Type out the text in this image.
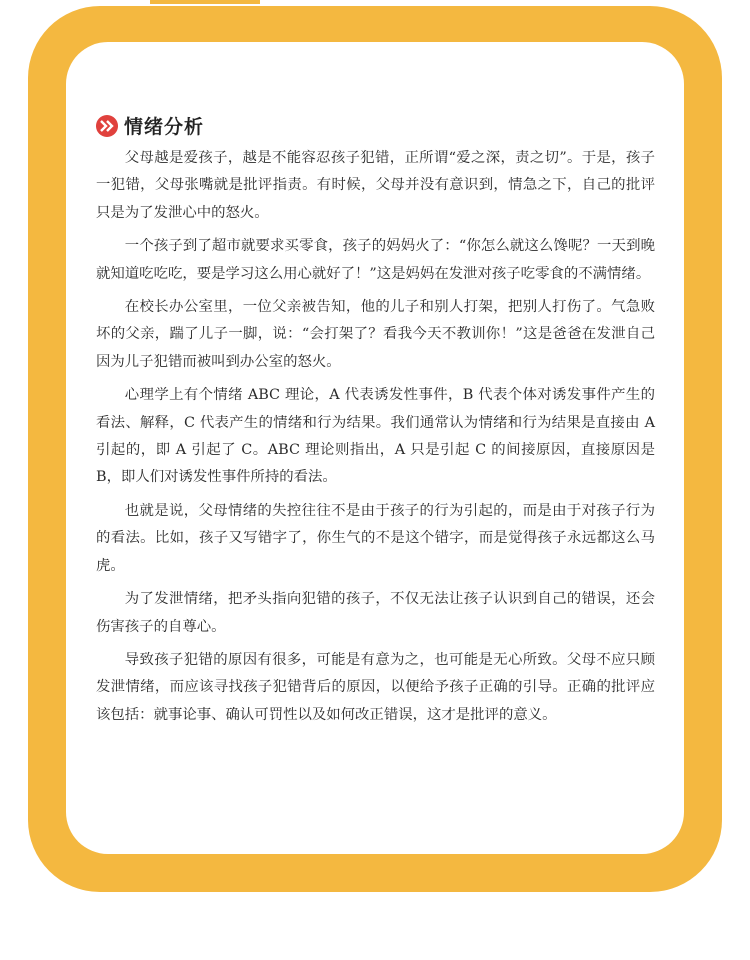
情绪分析

父母越是爱孩子，越是不能容忍孩子犯错，正所谓“爱之深，责之切”。于是，孩子一犯错，父母张嘴就是批评指责。有时候，父母并没有意识到，情急之下，自己的批评只是为了发泄心中的怒火。

一个孩子到了超市就要求买零食，孩子的妈妈火了：“你怎么就这么馋呢？一天到晚就知道吃吃吃，要是学习这么用心就好了！”这是妈妈在发泄对孩子吃零食的不满情绪。

在校长办公室里，一位父亲被告知，他的儿子和别人打架，把别人打伤了。气急败坏的父亲，踹了儿子一脚，说：“会打架了？看我今天不教训你！”这是爸爸在发泄自己因为儿子犯错而被叫到办公室的怒火。

心理学上有个情绪 ABC 理论，A 代表诱发性事件，B 代表个体对诱发事件产生的看法、解释，C 代表产生的情绪和行为结果。我们通常认为情绪和行为结果是直接由 A 引起的，即 A 引起了 C。ABC 理论则指出，A 只是引起 C 的间接原因，直接原因是 B，即人们对诱发性事件所持的看法。

也就是说，父母情绪的失控往往不是由于孩子的行为引起的，而是由于对孩子行为的看法。比如，孩子又写错字了，你生气的不是这个错字，而是觉得孩子永远都这么马虎。

为了发泄情绪，把矛头指向犯错的孩子，不仅无法让孩子认识到自己的错误，还会伤害孩子的自尊心。

导致孩子犯错的原因有很多，可能是有意为之，也可能是无心所致。父母不应只顾发泄情绪，而应该寻找孩子犯错背后的原因，以便给予孩子正确的引导。正确的批评应该包括：就事论事、确认可罚性以及如何改正错误，这才是批评的意义。
